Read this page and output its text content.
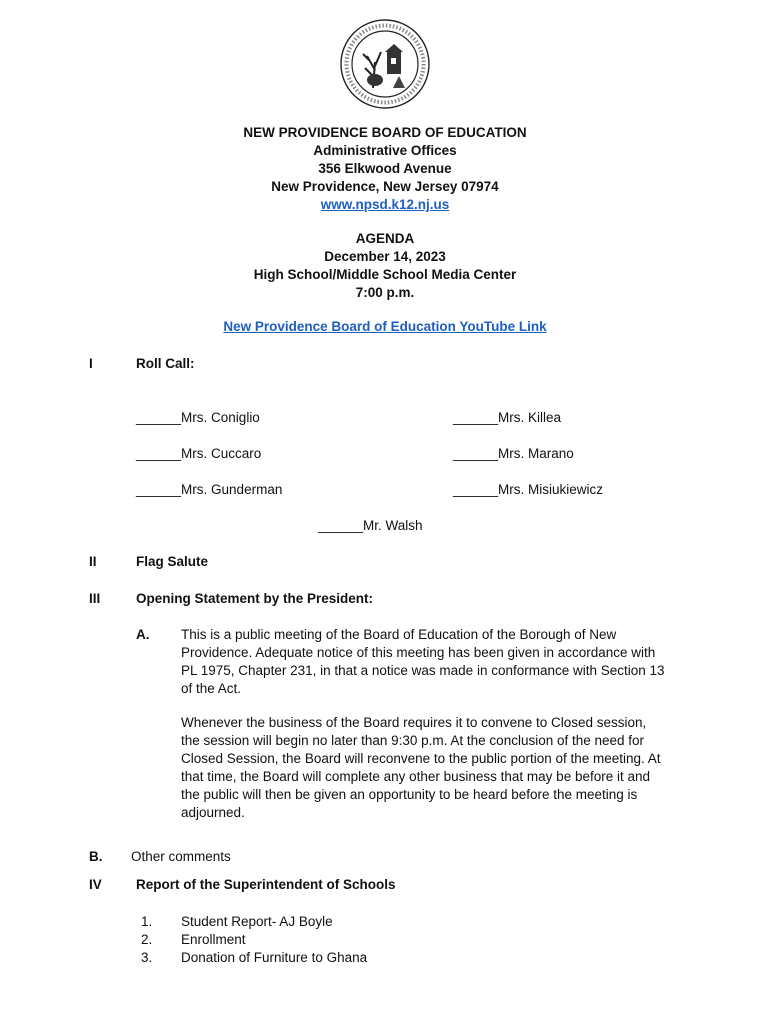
NEW PROVIDENCE BOARD OF EDUCATION
Administrative Offices
356 Elkwood Avenue
New Providence, New Jersey 07974
www.npsd.k12.nj.us
AGENDA
December 14, 2023
High School/Middle School Media Center
7:00 p.m.
New Providence Board of Education YouTube Link
I	Roll Call:
______Mrs. Coniglio	______Mrs. Killea
______Mrs. Cuccaro	______Mrs. Marano
______Mrs. Gunderman	______Mrs. Misiukiewicz
______Mr. Walsh
II	Flag Salute
III	Opening Statement by the President:
A. This is a public meeting of the Board of Education of the Borough of New
Providence. Adequate notice of this meeting has been given in accordance with
PL 1975, Chapter 231, in that a notice was made in conformance with Section 13
of the Act.
Whenever the business of the Board requires it to convene to Closed session,
the session will begin no later than 9:30 p.m. At the conclusion of the need for
Closed Session, the Board will reconvene to the public portion of the meeting. At
that time, the Board will complete any other business that may be before it and
the public will then be given an opportunity to be heard before the meeting is
adjourned.
B. Other comments
IV	Report of the Superintendent of Schools
1. Student Report- AJ Boyle
2. Enrollment
3. Donation of Furniture to Ghana
